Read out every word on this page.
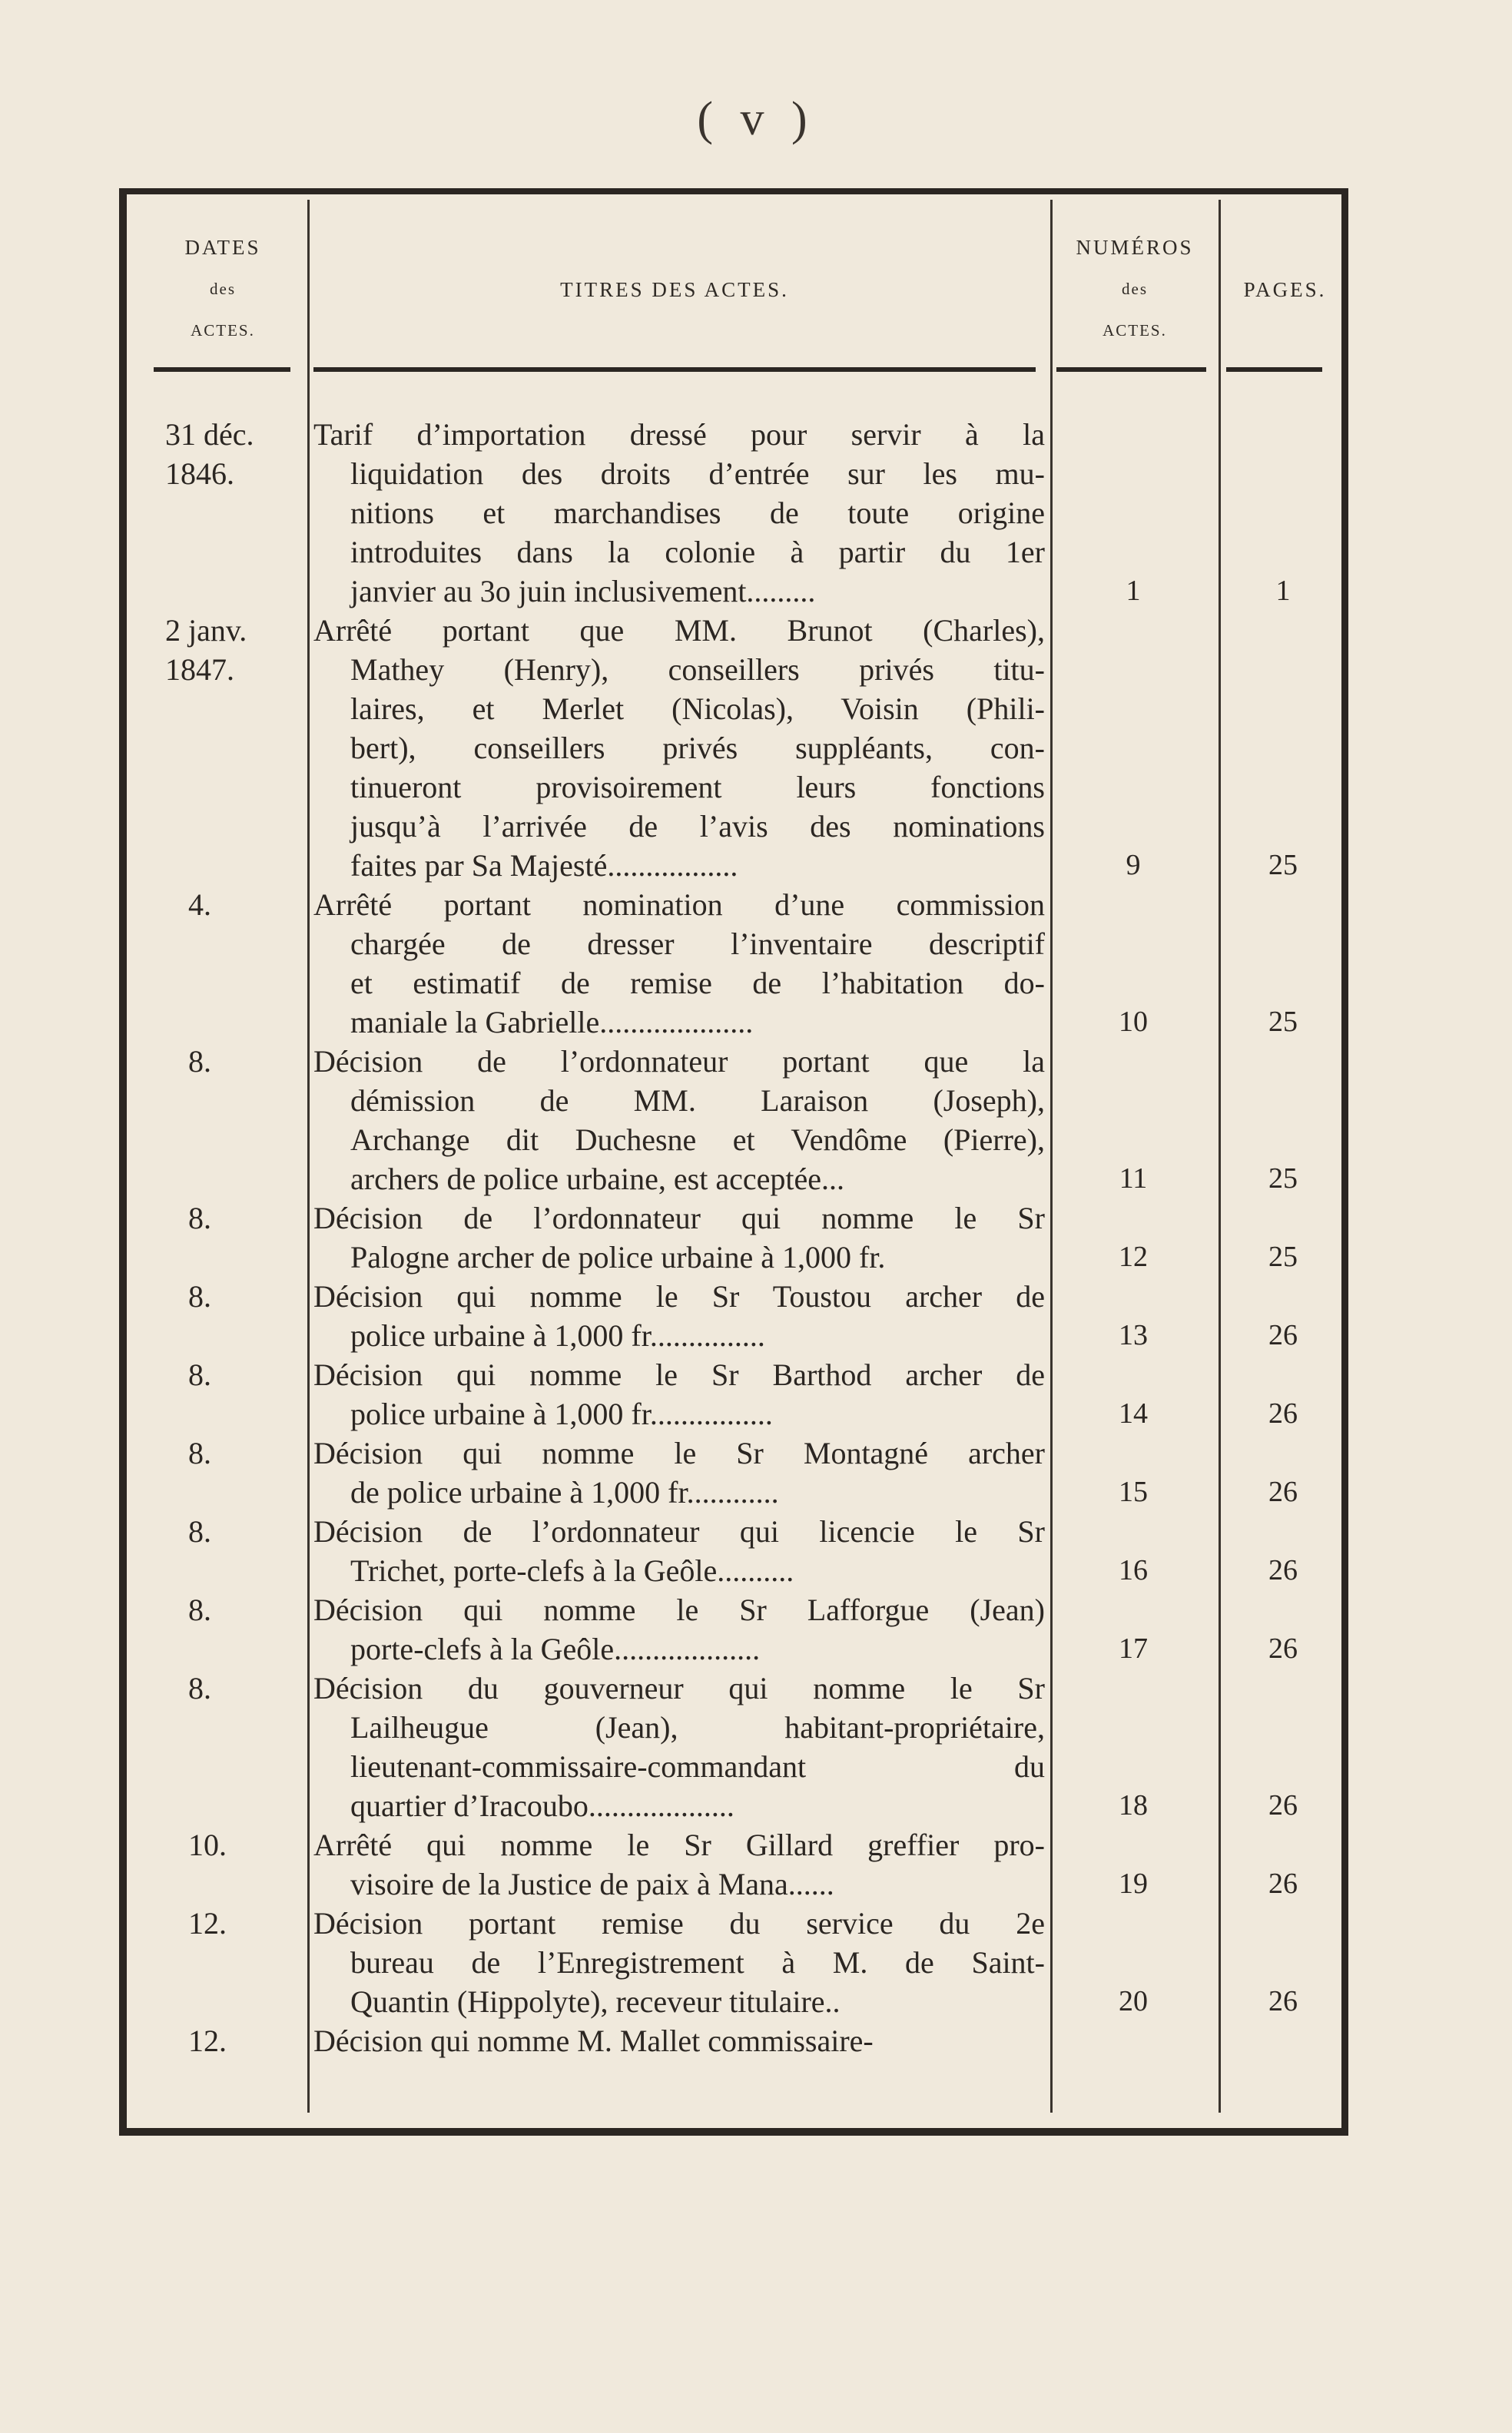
( v )
DATES
des
ACTES.
TITRES DES ACTES.
NUMÉROS
des
ACTES.
PAGES.
31 déc.
1846.
Tarif d’importation dressé pour servir à la
liquidation des droits d’entrée sur les mu-
nitions et marchandises de toute origine
introduites dans la colonie à partir du 1er
janvier au 3o juin inclusivement.........	1	1
2 janv.
1847.
Arrêté portant que MM. Brunot (Charles),
Mathey (Henry), conseillers privés titu-
laires, et Merlet (Nicolas), Voisin (Phili-
bert), conseillers privés suppléants, con-
tinueront provisoirement leurs fonctions
jusqu’à l’arrivée de l’avis des nominations
faites par Sa Majesté.................	9	25
4.	Arrêté portant nomination d’une commission
chargée de dresser l’inventaire descriptif
et estimatif de remise de l’habitation do-
maniale la Gabrielle....................	10	25
8.	Décision de l’ordonnateur portant que la
démission de MM. Laraison (Joseph),
Archange dit Duchesne et Vendôme (Pierre),
archers de police urbaine, est acceptée...	11	25
8.	Décision de l’ordonnateur qui nomme le Sr
Palogne archer de police urbaine à 1,000 fr.	12	25
8.	Décision qui nomme le Sr Toustou archer de
police urbaine à 1,000 fr...............	13	26
8.	Décision qui nomme le Sr Barthod archer de
police urbaine à 1,000 fr................	14	26
8.	Décision qui nomme le Sr Montagné archer
de police urbaine à 1,000 fr............	15	26
8.	Décision de l’ordonnateur qui licencie le Sr
Trichet, porte-clefs à la Geôle..........	16	26
8.	Décision qui nomme le Sr Lafforgue (Jean)
porte-clefs à la Geôle...................	17	26
8.	Décision du gouverneur qui nomme le Sr
Lailheugue (Jean), habitant-propriétaire,
lieutenant-commissaire-commandant du
quartier d’Iracoubo...................	18	26
10.	Arrêté qui nomme le Sr Gillard greffier pro-
visoire de la Justice de paix à Mana......	19	26
12.	Décision portant remise du service du 2e
bureau de l’Enregistrement à M. de Saint-
Quantin (Hippolyte), receveur titulaire..	20	26
12.	Décision qui nomme M. Mallet commissaire-
